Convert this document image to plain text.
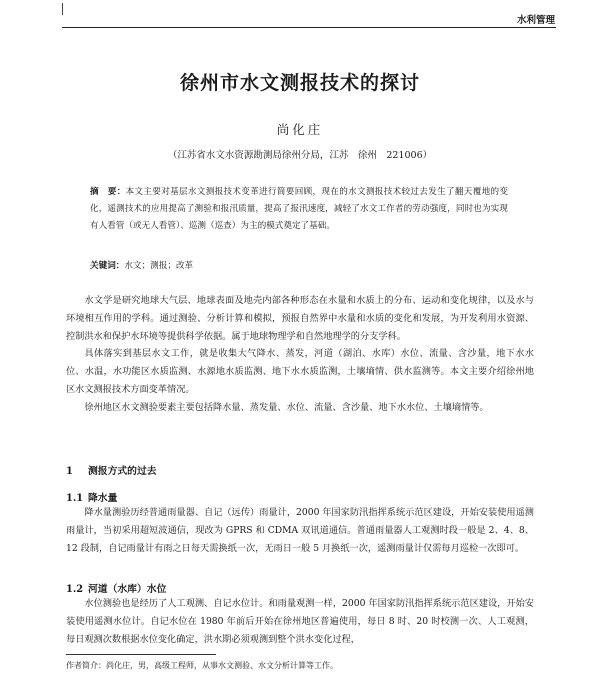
水利管理
徐州市水文测报技术的探讨
尚化庄
（江苏省水文水资源勘测局徐州分局，江苏　徐州　221006）
摘　要：本文主要对基层水文测报技术变革进行简要回顾，现在的水文测报技术较过去发生了翻天覆地的变化，遥测技术的应用提高了测验和报汛质量，提高了报汛速度，减轻了水文工作者的劳动强度，同时也为实现有人看管（或无人看管）、巡测（巡查）为主的模式奠定了基础。
关键词：水文；测报；改革

水文学是研究地球大气层、地球表面及地壳内部各种形态在水量和水质上的分布、运动和变化规律，以及水与环境相互作用的学科。通过测验、分析计算和模拟，预报自然界中水量和水质的变化和发展，为开发利用水资源、控制洪水和保护水环境等提供科学依据。属于地球物理学和自然地理学的分支学科。

具体落实到基层水文工作，就是收集大气降水、蒸发，河道（湖泊、水库）水位、流量、含沙量，地下水水位、水温，水功能区水质监测、水源地水质监测、地下水水质监测，土壤墒情、供水监测等。本文主要介绍徐州地区水文测报技术方面变革情况。

徐州地区水文测验要素主要包括降水量、蒸发量、水位、流量、含沙量、地下水水位、土壤墒情等。

1 测报方式的过去
1.1 降水量

降水量测验历经普通雨量器、自记（远传）雨量计，2000 年国家防汛指挥系统示范区建设，开始安装使用遥测雨量计，当初采用超短波通信，现改为 GPRS 和 CDMA 双讯道通信。普通雨量器人工观测时段一般是 2、4、8、12 段制，自记雨量计有雨之日每天需换纸一次，无雨日一般 5 月换纸一次，遥测雨量计仅需每月巡检一次即可。

1.2 河道（水库）水位

水位测验也是经历了人工观测、自记水位计。和雨量观测一样，2000 年国家防汛指挥系统示范区建设，开始安装使用遥测水位计。自记水位在 1980 年前后开始在徐州地区普遍使用，每日 8 时、20 时校测一次、人工观测，每日观测次数根据水位变化确定，洪水期必须观测到整个洪水变化过程，

作者简介：尚化庄，男，高级工程师，从事水文测验、水文分析计算等工作。
